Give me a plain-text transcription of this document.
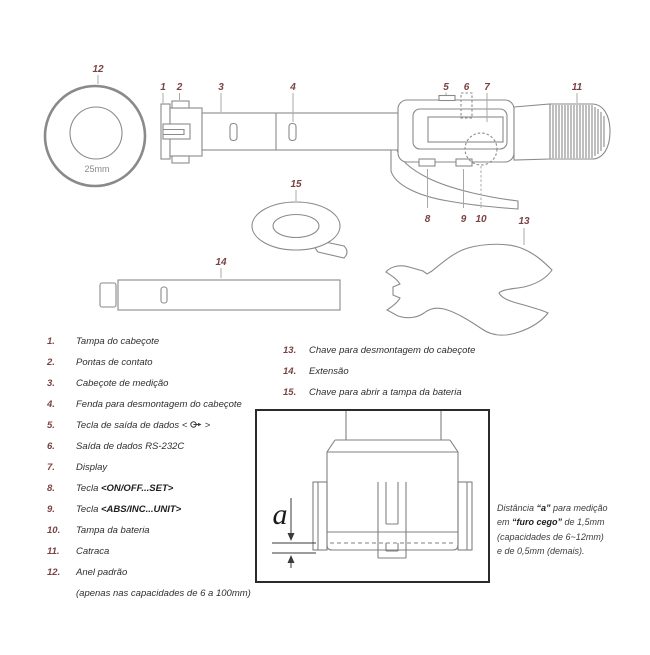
25mm
12
1 2	3	4	5 6 7	11
8	9 10	13
14
15
a
1.	Tampa do cabeçote
2.	Pontas de contato
3.	Cabeçote de medição
4.	Fenda para desmontagem do cabeçote
5.	Tecla de saída de dados <  >
6.	Saída de dados RS-232C
7.	Display
8.	Tecla <ON/OFF...SET>
9.	Tecla <ABS/INC...UNIT>
10.	Tampa da bateria
11.	Catraca
12.	Anel padrão
(apenas nas capacidades de 6 a 100mm)
13.	Chave para desmontagem do cabeçote
14.	Extensão
15.	Chave para abrir a tampa da bateria
Distância “a” para medição
em “furo cego” de 1,5mm
(capacidades de 6~12mm)
e de 0,5mm (demais).
